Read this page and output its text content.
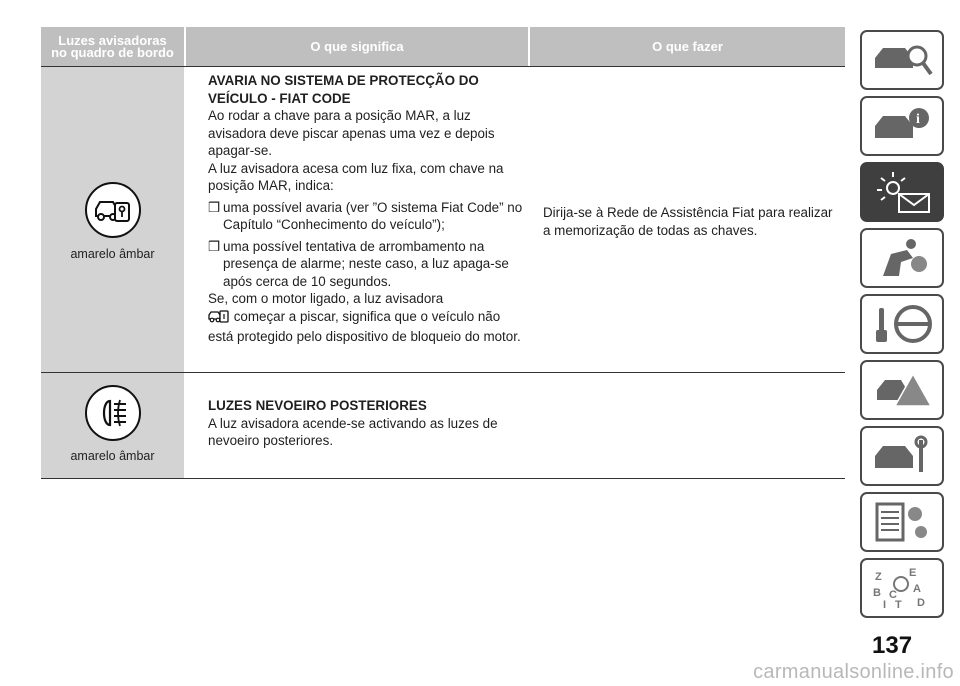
Luzes avisadoras
no quadro de bordo	O que significa	O que fazer
amarelo âmbar
AVARIA NO SISTEMA DE PROTECÇÃO DO
VEÍCULO - FIAT CODE
Ao rodar a chave para a posição MAR, a luz avisadora deve piscar apenas uma vez e depois apagar-se.
A luz avisadora acesa com luz fixa, com chave na posição MAR, indica:
❒ uma possível avaria (ver ”O sistema Fiat Code” no Capítulo “Conhecimento do veículo”);
❒ uma possível tentativa de arrombamento na presença de alarme; neste caso, a luz apaga-se após cerca de 10 segundos.
Se, com o motor ligado, a luz avisadora
começar a piscar, significa que o veículo não está protegido pelo dispositivo de bloqueio do motor.
Dirija-se à Rede de Assistência Fiat para realizar a memorização de todas as chaves.
amarelo âmbar
LUZES NEVOEIRO POSTERIORES
A luz avisadora acende-se activando as luzes de nevoeiro posteriores.
i
Z E
A
B C
D
I T
137
carmanualsonline.info
